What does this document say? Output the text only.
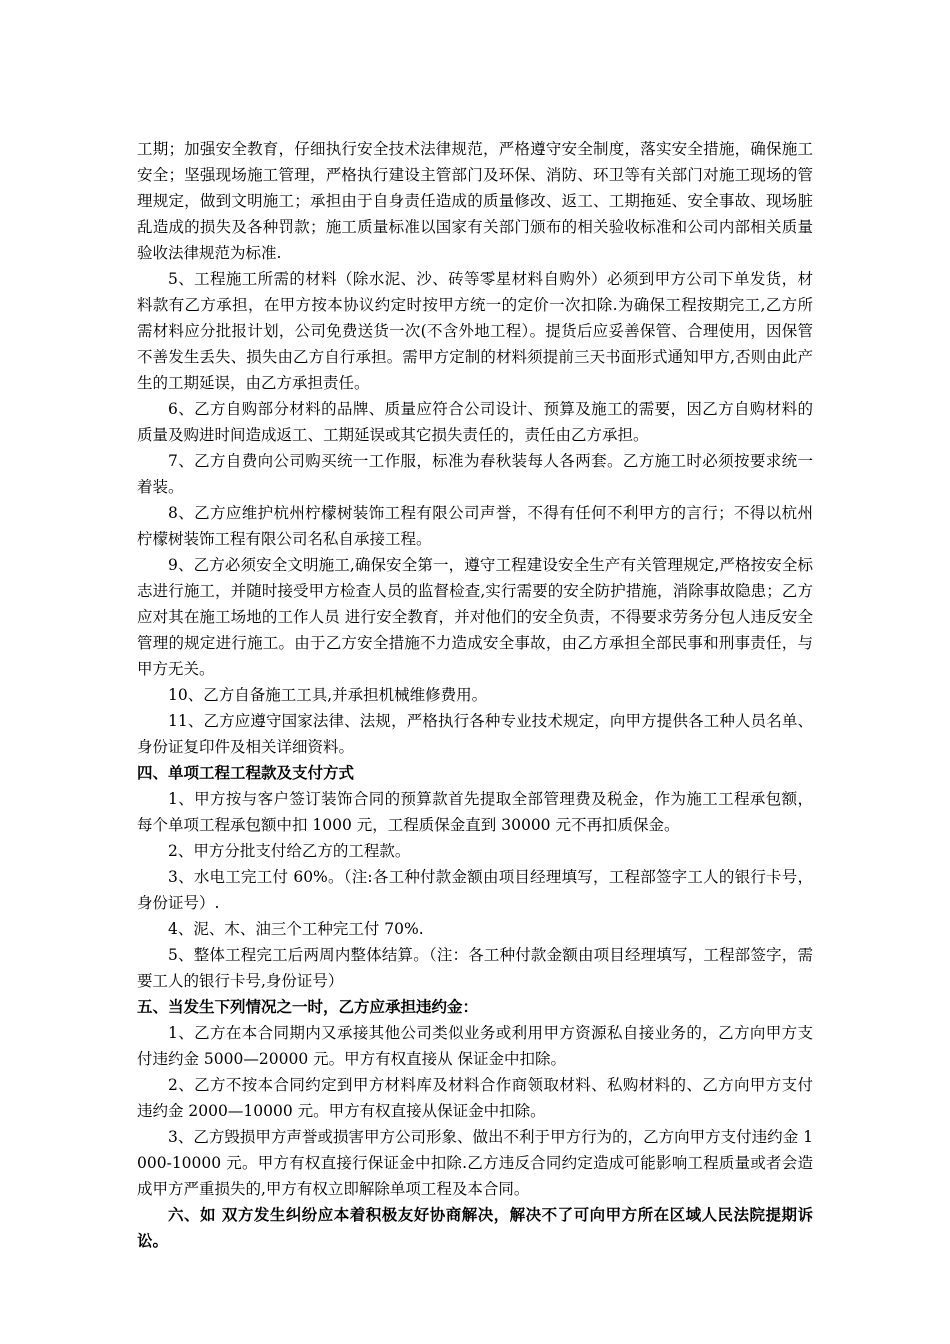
工期；加强安全教育，仔细执行安全技术法律规范，严格遵守安全制度，落实安全措施，确保施工安全；坚强现场施工管理，严格执行建设主管部门及环保、消防、环卫等有关部门对施工现场的管理规定，做到文明施工；承担由于自身责任造成的质量修改、返工、工期拖延、安全事故、现场脏乱造成的损失及各种罚款；施工质量标准以国家有关部门颁布的相关验收标准和公司内部相关质量验收法律规范为标准.

5、工程施工所需的材料（除水泥、沙、砖等零星材料自购外）必须到甲方公司下单发货，材料款有乙方承担，在甲方按本协议约定时按甲方统一的定价一次扣除.为确保工程按期完工,乙方所需材料应分批报计划，公司免费送货一次(不含外地工程）。提货后应妥善保管、合理使用，因保管不善发生丢失、损失由乙方自行承担。需甲方定制的材料须提前三天书面形式通知甲方,否则由此产生的工期延误，由乙方承担责任。

6、乙方自购部分材料的品牌、质量应符合公司设计、预算及施工的需要，因乙方自购材料的质量及购进时间造成返工、工期延误或其它损失责任的，责任由乙方承担。

7、乙方自费向公司购买统一工作服，标准为春秋装每人各两套。乙方施工时必须按要求统一着装。

8、乙方应维护杭州柠檬树装饰工程有限公司声誉，不得有任何不利甲方的言行；不得以杭州柠檬树装饰工程有限公司名私自承接工程。

9、乙方必须安全文明施工,确保安全第一，遵守工程建设安全生产有关管理规定,严格按安全标志进行施工，并随时接受甲方检查人员的监督检查,实行需要的安全防护措施，消除事故隐患；乙方应对其在施工场地的工作人员 进行安全教育，并对他们的安全负责，不得要求劳务分包人违反安全管理的规定进行施工。由于乙方安全措施不力造成安全事故，由乙方承担全部民事和刑事责任，与甲方无关。

10、乙方自备施工工具,并承担机械维修费用。

11、乙方应遵守国家法律、法规，严格执行各种专业技术规定，向甲方提供各工种人员名单、身份证复印件及相关详细资料。

四、单项工程工程款及支付方式

1、甲方按与客户签订装饰合同的预算款首先提取全部管理费及税金，作为施工工程承包额，每个单项工程承包额中扣 1000 元，工程质保金直到 30000 元不再扣质保金。

2、甲方分批支付给乙方的工程款。

3、水电工完工付 60%。（注:各工种付款金额由项目经理填写，工程部签字工人的银行卡号，身份证号）.

4、泥、木、油三个工种完工付 70%.

5、整体工程完工后两周内整体结算。（注：各工种付款金额由项目经理填写，工程部签字，需要工人的银行卡号,身份证号）

五、当发生下列情况之一时，乙方应承担违约金：

1、乙方在本合同期内又承接其他公司类似业务或利用甲方资源私自接业务的，乙方向甲方支付违约金 5000—20000 元。甲方有权直接从 保证金中扣除。

2、乙方不按本合同约定到甲方材料库及材料合作商领取材料、私购材料的、乙方向甲方支付违约金 2000—10000 元。甲方有权直接从保证金中扣除。

3、乙方毁损甲方声誉或损害甲方公司形象、做出不利于甲方行为的，乙方向甲方支付违约金 1000-10000 元。甲方有权直接行保证金中扣除.乙方违反合同约定造成可能影响工程质量或者会造成甲方严重损失的,甲方有权立即解除单项工程及本合同。

六、如 双方发生纠纷应本着积极友好协商解决，解决不了可向甲方所在区域人民法院提期诉讼。
